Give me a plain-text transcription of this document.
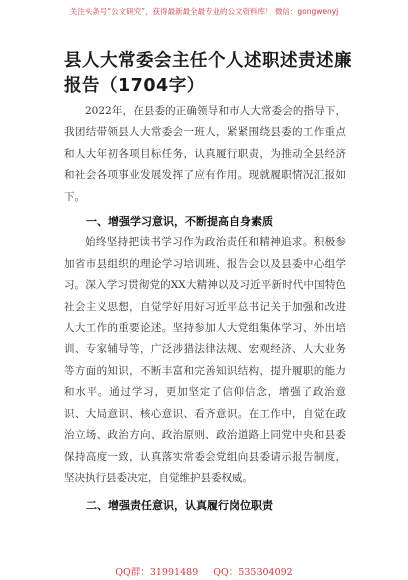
关注头条号“公文研究”，获得最新最全最专业的公文资料库！ 微信：gongwenyj
县人大常委会主任个人述职述责述廉报告（1704字）

2022年，在县委的正确领导和市人大常委会的指导下，我团结带领县人大常委会一班人，紧紧围绕县委的工作重点和人大年初各项目标任务，认真履行职责，为推动全县经济和社会各项事业发展发挥了应有作用。现就履职情况汇报如下。

一、增强学习意识，不断提高自身素质

始终坚持把读书学习作为政治责任和精神追求。积极参加省市县组织的理论学习培训班、报告会以及县委中心组学习。深入学习贯彻党的XX大精神以及习近平新时代中国特色社会主义思想，自觉学好用好习近平总书记关于加强和改进人大工作的重要论述。坚持参加人大党组集体学习、外出培训、专家辅导等，广泛涉猎法律法规、宏观经济、人大业务等方面的知识，不断丰富和完善知识结构，提升履职的能力和水平。通过学习，更加坚定了信仰信念，增强了政治意识、大局意识、核心意识、看齐意识。在工作中，自觉在政治立场、政治方向、政治原则、政治道路上同党中央和县委保持高度一致，认真落实常委会党组向县委请示报告制度，坚决执行县委决定，自觉维护县委权威。

二、增强责任意识，认真履行岗位职责
QQ群：31991489 QQ：535304092
